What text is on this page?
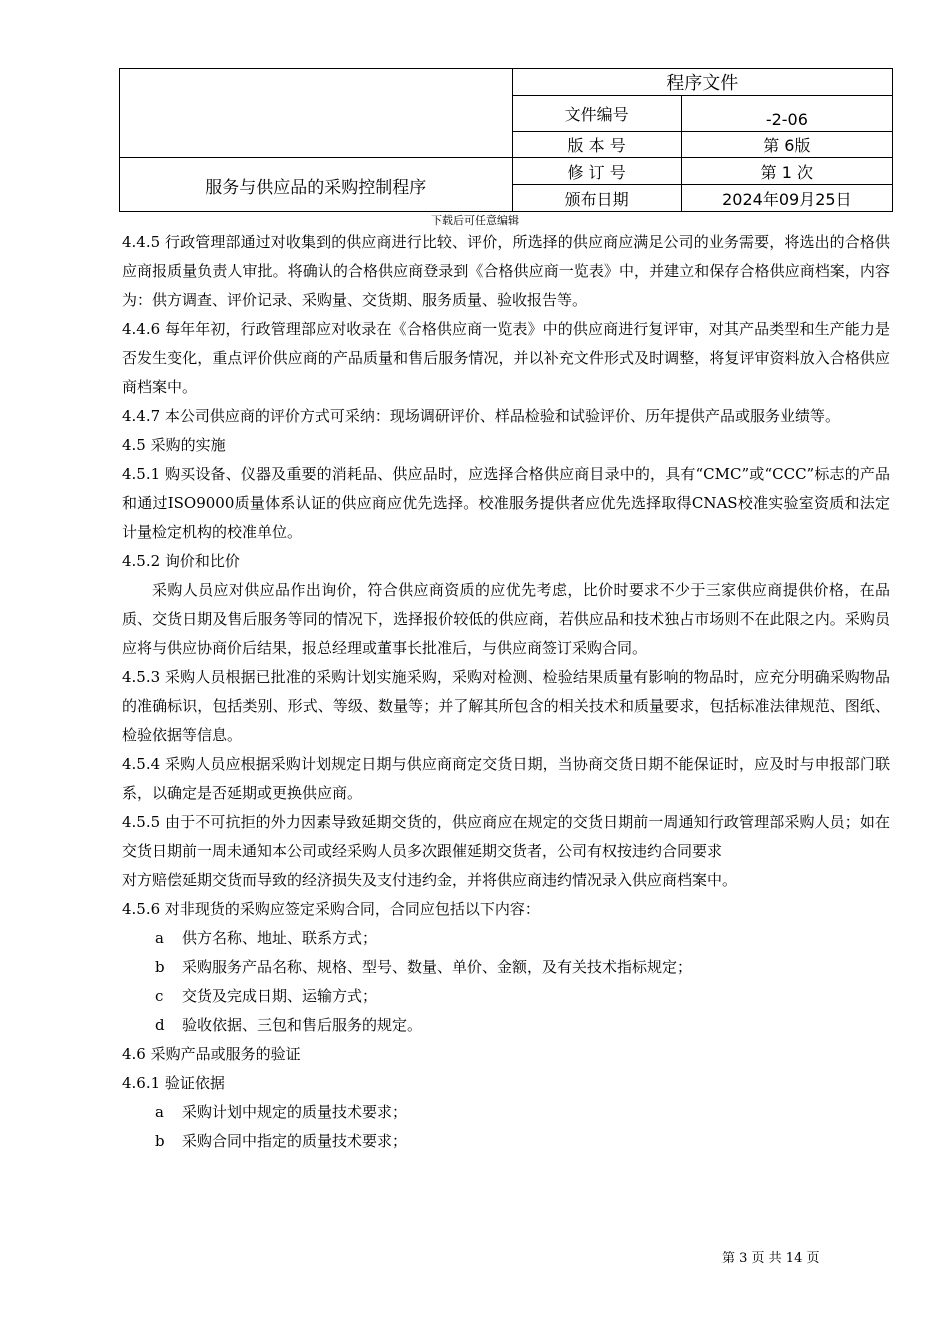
	程序文件	
	文件编号	-2-06
	版 本 号	第 6版
服务与供应品的采购控制程序	修 订 号	第 1 次
	颁布日期	2024年09月25日
下载后可任意编辑

4.4.5 行政管理部通过对收集到的供应商进行比较、评价，所选择的供应商应满足公司的业务需要，将选出的合格供应商报质量负责人审批。将确认的合格供应商登录到《合格供应商一览表》中，并建立和保存合格供应商档案，内容为：供方调查、评价记录、采购量、交货期、服务质量、验收报告等。

4.4.6 每年年初，行政管理部应对收录在《合格供应商一览表》中的供应商进行复评审，对其产品类型和生产能力是否发生变化，重点评价供应商的产品质量和售后服务情况，并以补充文件形式及时调整，将复评审资料放入合格供应商档案中。

4.4.7 本公司供应商的评价方式可采纳：现场调研评价、样品检验和试验评价、历年提供产品或服务业绩等。

4.5 采购的实施

4.5.1 购买设备、仪器及重要的消耗品、供应品时，应选择合格供应商目录中的，具有“CMC”或“CCC”标志的产品和通过ISO9000质量体系认证的供应商应优先选择。校准服务提供者应优先选择取得CNAS校准实验室资质和法定计量检定机构的校准单位。

4.5.2 询价和比价

采购人员应对供应品作出询价，符合供应商资质的应优先考虑，比价时要求不少于三家供应商提供价格，在品质、交货日期及售后服务等同的情况下，选择报价较低的供应商，若供应品和技术独占市场则不在此限之内。采购员应将与供应协商价后结果，报总经理或董事长批准后，与供应商签订采购合同。

4.5.3 采购人员根据已批准的采购计划实施采购，采购对检测、检验结果质量有影响的物品时，应充分明确采购物品的准确标识，包括类别、形式、等级、数量等；并了解其所包含的相关技术和质量要求，包括标准法律规范、图纸、检验依据等信息。

4.5.4 采购人员应根据采购计划规定日期与供应商商定交货日期，当协商交货日期不能保证时，应及时与申报部门联系，以确定是否延期或更换供应商。

4.5.5 由于不可抗拒的外力因素导致延期交货的，供应商应在规定的交货日期前一周通知行政管理部采购人员；如在交货日期前一周未通知本公司或经采购人员多次跟催延期交货者，公司有权按违约合同要求

对方赔偿延期交货而导致的经济损失及支付违约金，并将供应商违约情况录入供应商档案中。

4.5.6 对非现货的采购应签定采购合同，合同应包括以下内容：

a 供方名称、地址、联系方式；

b 采购服务产品名称、规格、型号、数量、单价、金额，及有关技术指标规定；

c 交货及完成日期、运输方式；

d 验收依据、三包和售后服务的规定。

4.6 采购产品或服务的验证

4.6.1 验证依据

a 采购计划中规定的质量技术要求；

b 采购合同中指定的质量技术要求；

第 3 页 共 14 页
